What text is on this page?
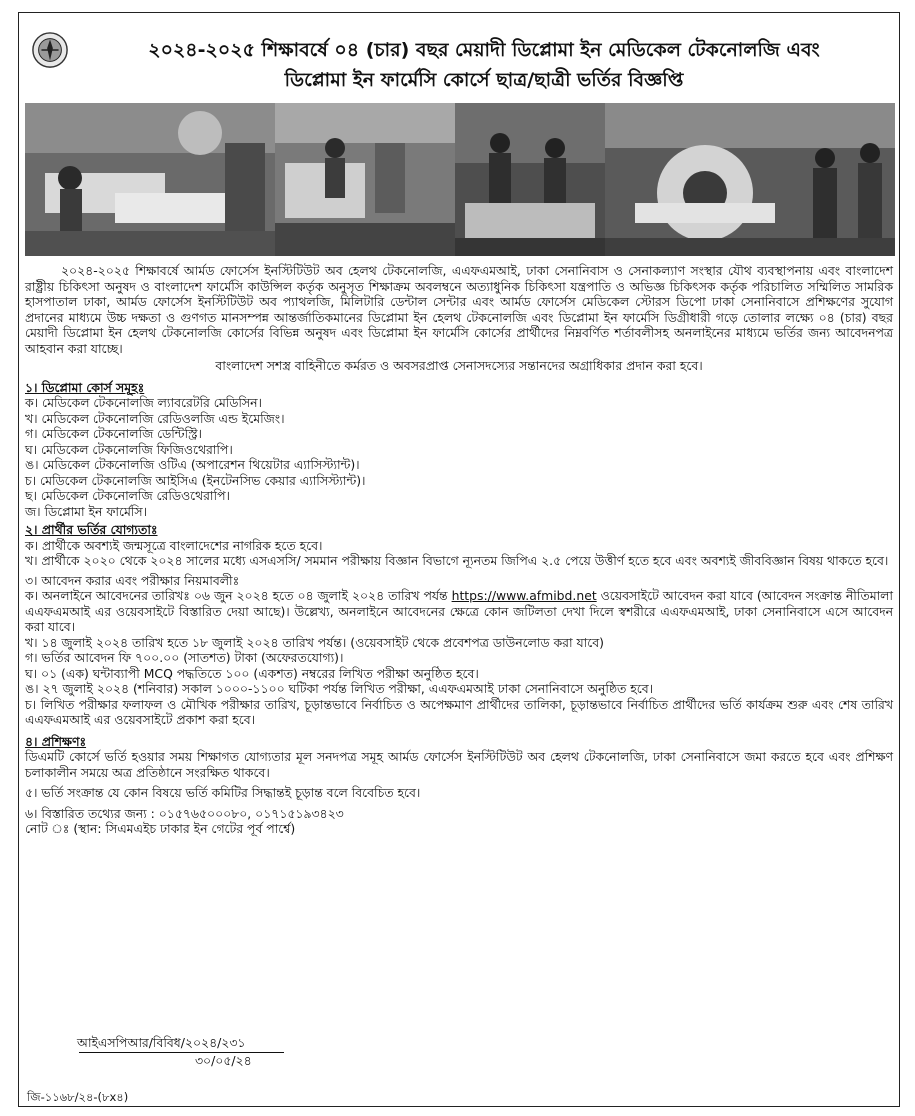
২০২৪-২০২৫ শিক্ষাবর্ষে ০৪ (চার) বছর মেয়াদী ডিপ্লোমা ইন মেডিকেল টেকনোলজি এবং
ডিপ্লোমা ইন ফার্মেসি কোর্সে ছাত্র/ছাত্রী ভর্তির বিজ্ঞপ্তি

২০২৪-২০২৫ শিক্ষাবর্ষে আর্মড ফোর্সেস ইনস্টিটিউট অব হেলথ টেকনোলজি, এএফএমআই, ঢাকা সেনানিবাস ও সেনাকল্যাণ সংস্থার যৌথ ব্যবস্থাপনায় এবং বাংলাদেশ রাষ্ট্রীয় চিকিৎসা অনুষদ ও বাংলাদেশ ফার্মেসি কাউন্সিল কর্তৃক অনুসৃত শিক্ষাক্রম অবলম্বনে অত্যাধুনিক চিকিৎসা যন্ত্রপাতি ও অভিজ্ঞ চিকিৎসক কর্তৃক পরিচালিত সম্মিলিত সামরিক হাসপাতাল ঢাকা, আর্মড ফোর্সেস ইনস্টিটিউট অব প্যাথলজি, মিলিটারি ডেন্টাল সেন্টার এবং আর্মড ফোর্সেস মেডিকেল স্টোরস ডিপো ঢাকা সেনানিবাসে প্রশিক্ষণের সুযোগ প্রদানের মাধ্যমে উচ্চ দক্ষতা ও গুণগত মানসম্পন্ন আন্তর্জাতিকমানের ডিপ্লোমা ইন হেলথ টেকনোলজি এবং ডিপ্লোমা ইন ফার্মেসি ডিগ্রীধারী গড়ে তোলার লক্ষ্যে ০৪ (চার) বছর মেয়াদী ডিপ্লোমা ইন হেলথ টেকনোলজি কোর্সের বিভিন্ন অনুষদ এবং ডিপ্লোমা ইন ফার্মেসি কোর্সের প্রার্থীদের নিম্নবর্ণিত শর্তাবলীসহ অনলাইনের মাধ্যমে ভর্তির জন্য আবেদনপত্র আহবান করা যাচ্ছে।

বাংলাদেশ সশস্ত্র বাহিনীতে কর্মরত ও অবসরপ্রাপ্ত সেনাসদস্যের সন্তানদের অগ্রাধিকার প্রদান করা হবে।

১। ডিপ্লোমা কোর্স সমূহঃ
ক। মেডিকেল টেকনোলজি ল্যাবরেটরি মেডিসিন।
খ। মেডিকেল টেকনোলজি রেডিওলজি এন্ড ইমেজিং।
গ। মেডিকেল টেকনোলজি ডেন্টিস্ট্রি।
ঘ। মেডিকেল টেকনোলজি ফিজিওথেরাপি।
ঙ। মেডিকেল টেকনোলজি ওটিএ (অপারেশন থিয়েটার এ্যাসিস্ট্যান্ট)।
চ। মেডিকেল টেকনোলজি আইসিএ (ইনটেনসিভ কেয়ার এ্যাসিস্ট্যান্ট)।
ছ। মেডিকেল টেকনোলজি রেডিওথেরাপি।
জ। ডিপ্লোমা ইন ফার্মেসি।
২। প্রার্থীর ভর্তির যোগ্যতাঃ
ক। প্রার্থীকে অবশ্যই জন্মসূত্রে বাংলাদেশের নাগরিক হতে হবে।
খ। প্রার্থীকে ২০২০ থেকে ২০২৪ সালের মধ্যে এসএসসি/ সমমান পরীক্ষায় বিজ্ঞান বিভাগে ন্যূনতম জিপিএ ২.৫ পেয়ে উত্তীর্ণ হতে হবে এবং অবশ্যই জীববিজ্ঞান বিষয় থাকতে হবে।
৩। আবেদন করার এবং পরীক্ষার নিয়মাবলীঃ
ক। অনলাইনে আবেদনের তারিখঃ ০৬ জুন ২০২৪ হতে ০৪ জুলাই ২০২৪ তারিখ পর্যন্ত https://www.afmibd.net ওয়েবসাইটে আবেদন করা যাবে (আবেদন সংক্রান্ত নীতিমালা এএফএমআই এর ওয়েবসাইটে বিস্তারিত দেয়া আছে)। উল্লেখ্য, অনলাইনে আবেদনের ক্ষেত্রে কোন জটিলতা দেখা দিলে স্বশরীরে এএফএমআই, ঢাকা সেনানিবাসে এসে আবেদন করা যাবে।
খ। ১৪ জুলাই ২০২৪ তারিখ হতে ১৮ জুলাই ২০২৪ তারিখ পর্যন্ত। (ওয়েবসাইট থেকে প্রবেশপত্র ডাউনলোড করা যাবে)
গ। ভর্তির আবেদন ফি ৭০০.০০ (সাতশত) টাকা (অফেরতযোগ্য)।
ঘ। ০১ (এক) ঘন্টাব্যাপী MCQ পদ্ধতিতে ১০০ (একশত) নম্বরের লিখিত পরীক্ষা অনুষ্ঠিত হবে।
ঙ। ২৭ জুলাই ২০২৪ (শনিবার) সকাল ১০০০-১১০০ ঘটিকা পর্যন্ত লিখিত পরীক্ষা, এএফএমআই ঢাকা সেনানিবাসে অনুষ্ঠিত হবে।
চ। লিখিত পরীক্ষার ফলাফল ও মৌখিক পরীক্ষার তারিখ, চূড়ান্তভাবে নির্বাচিত ও অপেক্ষমাণ প্রার্থীদের তালিকা, চূড়ান্তভাবে নির্বাচিত প্রার্থীদের ভর্তি কার্যক্রম শুরু এবং শেষ তারিখ এএফএমআই এর ওয়েবসাইটে প্রকাশ করা হবে।
৪। প্রশিক্ষণঃ
ডিএমটি কোর্সে ভর্তি হওয়ার সময় শিক্ষাগত যোগ্যতার মূল সনদপত্র সমূহ আর্মড ফোর্সেস ইনস্টিটিউট অব হেলথ টেকনোলজি, ঢাকা সেনানিবাসে জমা করতে হবে এবং প্রশিক্ষণ চলাকালীন সময়ে অত্র প্রতিষ্ঠানে সংরক্ষিত থাকবে।
৫। ভর্তি সংক্রান্ত যে কোন বিষয়ে ভর্তি কমিটির সিদ্ধান্তই চূড়ান্ত বলে বিবেচিত হবে।
৬। বিস্তারিত তথ্যের জন্য : ০১৫৭৬৫০০০৮০, ০১৭১৫১৯৩৪২৩
নোট ঃ (স্থান: সিএমএইচ ঢাকার ইন গেটের পূর্ব পার্শ্বে)
আইএসপিআর/বিবিধ/২০২৪/২৩১
৩০/০৫/২৪
জি-১১৬৮/২৪-(৮x৪)
